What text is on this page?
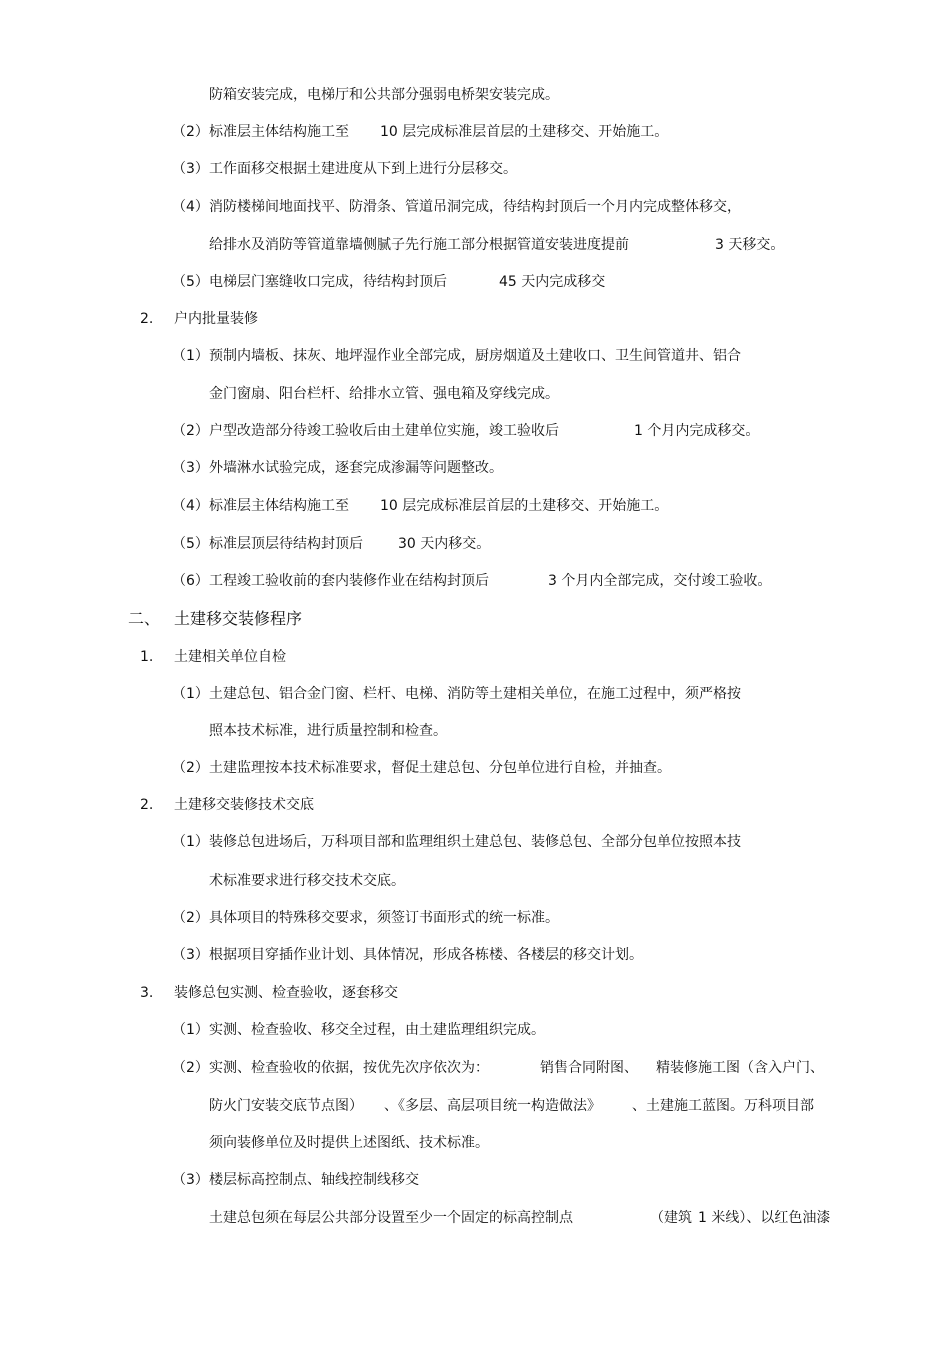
防箱安装完成，电梯厅和公共部分强弱电桥架安装完成。
（2） 标准层主体结构施工至 10 层完成标准层首层的土建移交、开始施工。
（3） 工作面移交根据土建进度从下到上进行分层移交。
（4） 消防楼梯间地面找平、防滑条、管道吊洞完成，待结构封顶后一个月内完成整体移交，
给排水及消防等管道靠墙侧腻子先行施工部分根据管道安装进度提前	3 天移交。
（5） 电梯层门塞缝收口完成，待结构封顶后	45 天内完成移交
2. 户内批量装修
（1） 预制内墙板、抹灰、地坪湿作业全部完成，厨房烟道及土建收口、卫生间管道井、铝合
金门窗扇、阳台栏杆、给排水立管、强电箱及穿线完成。
（2） 户型改造部分待竣工验收后由土建单位实施，竣工验收后	1 个月内完成移交。
（3） 外墙淋水试验完成，逐套完成渗漏等问题整改。
（4） 标准层主体结构施工至 10 层完成标准层首层的土建移交、开始施工。
（5） 标准层顶层待结构封顶后	30 天内移交。
（6） 工程竣工验收前的套内装修作业在结构封顶后	3 个月内全部完成，交付竣工验收。
二、 土建移交装修程序
1. 土建相关单位自检
（1） 土建总包、铝合金门窗、栏杆、电梯、消防等土建相关单位，在施工过程中，须严格按
照本技术标准，进行质量控制和检查。
（2） 土建监理按本技术标准要求，督促土建总包、分包单位进行自检，并抽查。
2. 土建移交装修技术交底
（1） 装修总包进场后，万科项目部和监理组织土建总包、装修总包、全部分包单位按照本技
术标准要求进行移交技术交底。
（2） 具体项目的特殊移交要求，须签订书面形式的统一标准。
（3） 根据项目穿插作业计划、具体情况，形成各栋楼、各楼层的移交计划。
3. 装修总包实测、检查验收，逐套移交
（1） 实测、检查验收、移交全过程，由土建监理组织完成。
（2） 实测、检查验收的依据，按优先次序依次为：	销售合同附图、 精装修施工图（含入户门、
防火门安装交底节点图） 、《多层、高层项目统一构造做法》 、土建施工蓝图。万科项目部
须向装修单位及时提供上述图纸、技术标准。
（3） 楼层标高控制点、轴线控制线移交
土建总包须在每层公共部分设置至少一个固定的标高控制点	（建筑 1 米线）、以红色油漆
